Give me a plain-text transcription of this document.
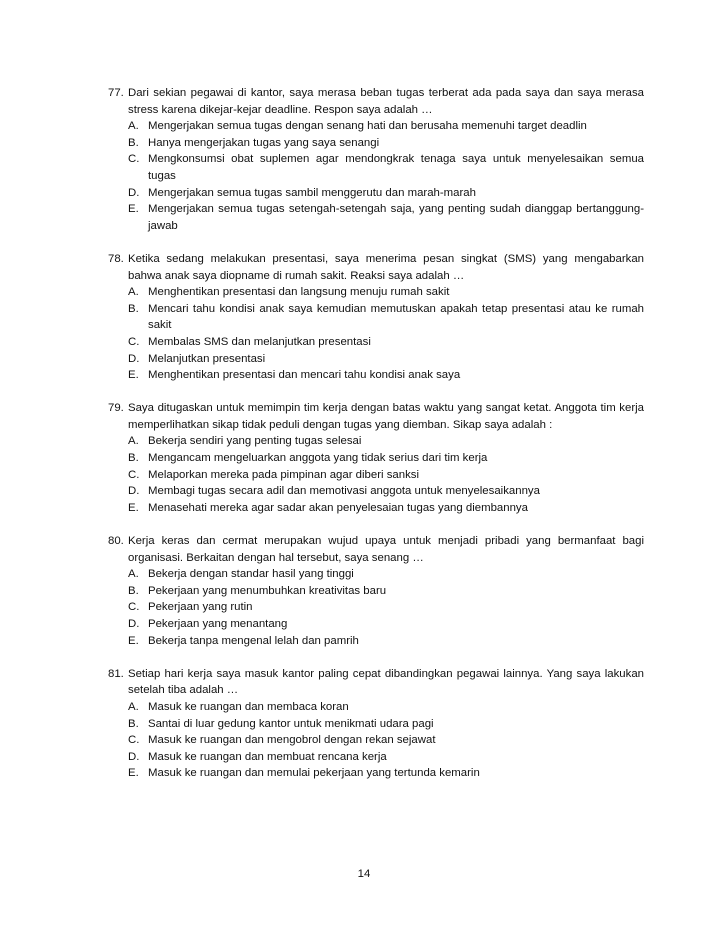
77. Dari sekian pegawai di kantor, saya merasa beban tugas terberat ada pada saya dan saya merasa stress karena dikejar-kejar deadline. Respon saya adalah …
A. Mengerjakan semua tugas dengan senang hati dan berusaha memenuhi target deadlin
B. Hanya mengerjakan tugas yang saya senangi
C. Mengkonsumsi obat suplemen agar mendongkrak tenaga saya untuk menyelesaikan semua tugas
D. Mengerjakan semua tugas sambil menggerutu dan marah-marah
E. Mengerjakan semua tugas setengah-setengah saja, yang penting sudah dianggap bertanggung-jawab
78. Ketika sedang melakukan presentasi, saya menerima pesan singkat (SMS) yang mengabarkan bahwa anak saya diopname di rumah sakit. Reaksi saya adalah …
A. Menghentikan presentasi dan langsung menuju rumah sakit
B. Mencari tahu kondisi anak saya kemudian memutuskan apakah tetap presentasi atau ke rumah sakit
C. Membalas SMS dan melanjutkan presentasi
D. Melanjutkan presentasi
E. Menghentikan presentasi dan mencari tahu kondisi anak saya
79. Saya ditugaskan untuk memimpin tim kerja dengan batas waktu yang sangat ketat. Anggota tim kerja memperlihatkan sikap tidak peduli dengan tugas yang diemban. Sikap saya adalah :
A. Bekerja sendiri yang penting tugas selesai
B. Mengancam mengeluarkan anggota yang tidak serius dari tim kerja
C. Melaporkan mereka pada pimpinan agar diberi sanksi
D. Membagi tugas secara adil dan memotivasi anggota untuk menyelesaikannya
E. Menasehati mereka agar sadar akan penyelesaian tugas yang diembannya
80. Kerja keras dan cermat merupakan wujud upaya untuk menjadi pribadi yang bermanfaat bagi organisasi. Berkaitan dengan hal tersebut, saya senang …
A. Bekerja dengan standar hasil yang tinggi
B. Pekerjaan yang menumbuhkan kreativitas baru
C. Pekerjaan yang rutin
D. Pekerjaan yang menantang
E. Bekerja tanpa mengenal lelah dan pamrih
81. Setiap hari kerja saya masuk kantor paling cepat dibandingkan pegawai lainnya. Yang saya lakukan setelah tiba adalah …
A. Masuk ke ruangan dan membaca koran
B. Santai di luar gedung kantor untuk menikmati udara pagi
C. Masuk ke ruangan dan mengobrol dengan rekan sejawat
D. Masuk ke ruangan dan membuat rencana kerja
E. Masuk ke ruangan dan memulai pekerjaan yang tertunda kemarin
14
